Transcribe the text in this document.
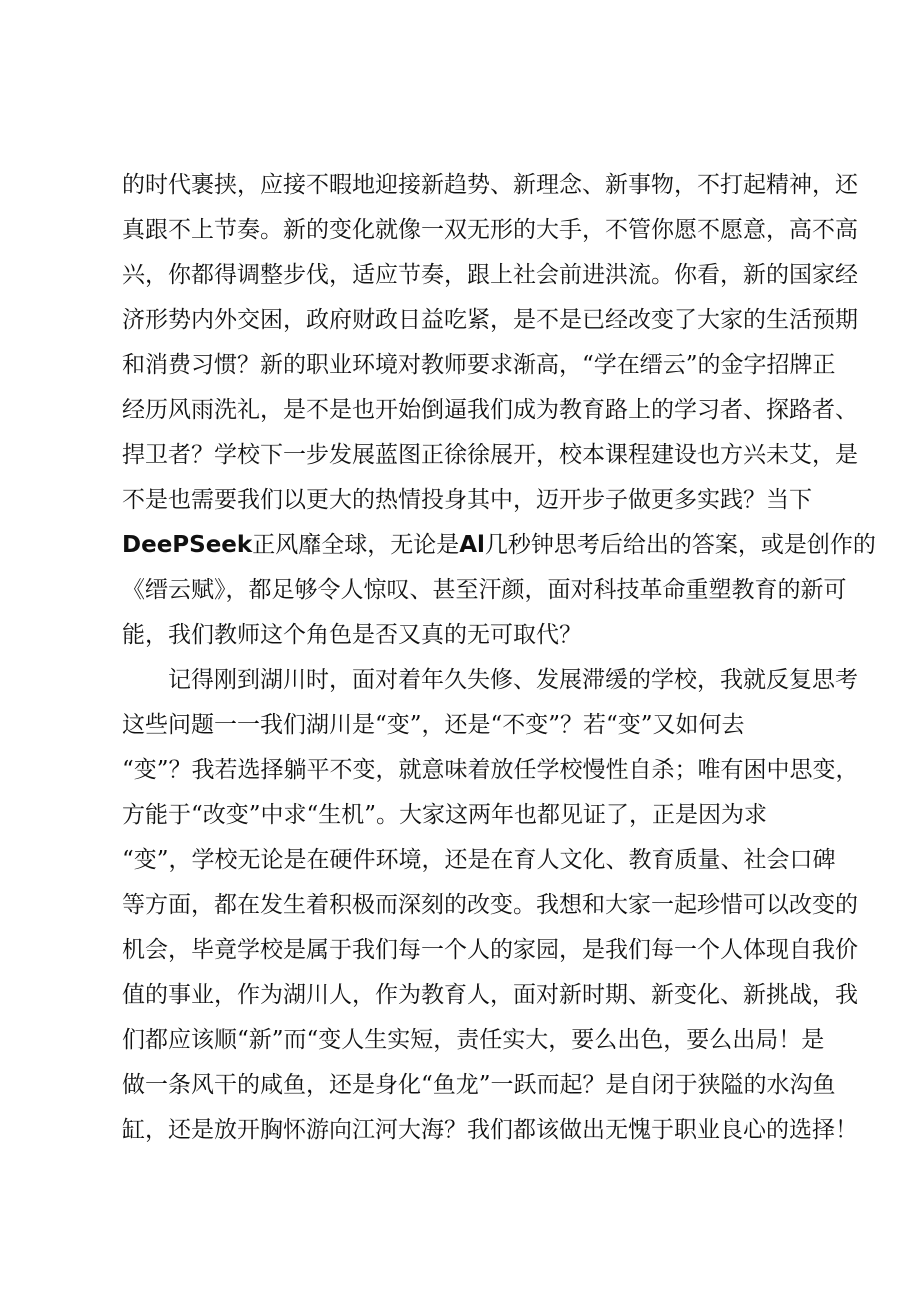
的时代裹挟，应接不暇地迎接新趋势、新理念、新事物，不打起精神，还
真跟不上节奏。新的变化就像一双无形的大手，不管你愿不愿意，高不高
兴，你都得调整步伐，适应节奏，跟上社会前进洪流。你看，新的国家经
济形势内外交困，政府财政日益吃紧，是不是已经改变了大家的生活预期
和消费习惯？新的职业环境对教师要求渐高，“学在缙云”的金字招牌正
经历风雨洗礼，是不是也开始倒逼我们成为教育路上的学习者、探路者、
捍卫者？学校下一步发展蓝图正徐徐展开，校本课程建设也方兴未艾，是
不是也需要我们以更大的热情投身其中，迈开步子做更多实践？当下
DeePSeek正风靡全球，无论是Al几秒钟思考后给出的答案，或是创作的
《缙云赋》，都足够令人惊叹、甚至汗颜，面对科技革命重塑教育的新可
能，我们教师这个角色是否又真的无可取代？
记得刚到湖川时，面对着年久失修、发展滞缓的学校，我就反复思考
这些问题一一我们湖川是“变”，还是“不变”？若“变”又如何去
“变”？我若选择躺平不变，就意味着放任学校慢性自杀；唯有困中思变，
方能于“改变”中求“生机”。大家这两年也都见证了，正是因为求
“变”，学校无论是在硬件环境，还是在育人文化、教育质量、社会口碑
等方面，都在发生着积极而深刻的改变。我想和大家一起珍惜可以改变的
机会，毕竟学校是属于我们每一个人的家园，是我们每一个人体现自我价
值的事业，作为湖川人，作为教育人，面对新时期、新变化、新挑战，我
们都应该顺“新”而“变人生实短，责任实大，要么出色，要么出局！是
做一条风干的咸鱼，还是身化“鱼龙”一跃而起？是自闭于狭隘的水沟鱼
缸，还是放开胸怀游向江河大海？我们都该做出无愧于职业良心的选择！
